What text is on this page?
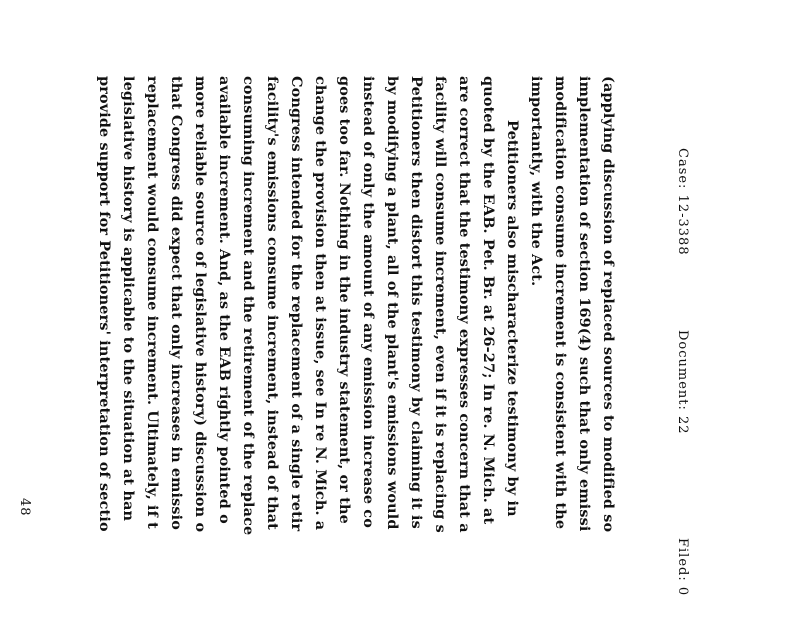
Case: 12-3388
Document: 22
Filed: 0
(applying discussion of replaced sources to modified so
implementation of section 169(4) such that only emissi
modification consume increment is consistent with the
importantly, with the Act.
Petitioners also mischaracterize testimony by in
quoted by the EAB. Pet. Br. at 26-27; In re. N. Mich. at
are correct that the testimony expresses concern that a
facility will consume increment, even if it is replacing s
Petitioners then distort this testimony by claiming it is
by modifying a plant, all of the plant's emissions would
instead of only the amount of any emission increase co
goes too far. Nothing in the industry statement, or the
change the provision then at issue, see In re N. Mich. a
Congress intended for the replacement of a single retir
facility's emissions consume increment, instead of that
consuming increment and the retirement of the replace
available increment. And, as the EAB rightly pointed o
more reliable source of legislative history) discussion o
that Congress did expect that only increases in emissio
replacement would consume increment. Ultimately, if t
legislative history is applicable to the situation at han
provide support for Petitioners' interpretation of sectio
48
